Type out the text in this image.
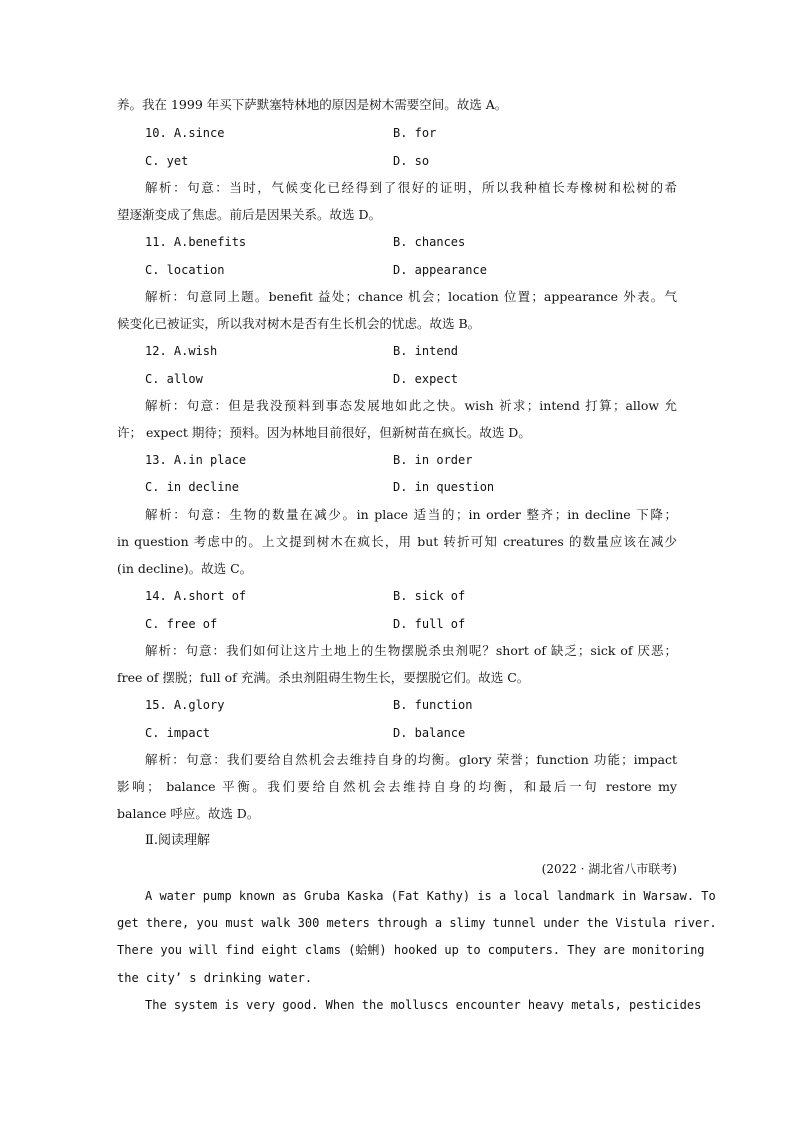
养。我在 1999 年买下萨默塞特林地的原因是树木需要空间。故选 A。
10. A.since	B. for
C. yet	D. so
解析：句意：当时，气候变化已经得到了很好的证明，所以我种植长寿橡树和松树的希
望逐渐变成了焦虑。前后是因果关系。故选 D。
11. A.benefits	B. chances
C. location	D. appearance
解析：句意同上题。benefit 益处；chance 机会；location 位置；appearance 外表。气
候变化已被证实，所以我对树木是否有生长机会的忧虑。故选 B。
12. A.wish	B. intend
C. allow	D. expect
解析：句意：但是我没预料到事态发展地如此之快。wish 祈求；intend 打算；allow 允
许； expect 期待；预料。因为林地目前很好，但新树苗在疯长。故选 D。
13. A.in place	B. in order
C. in decline	D. in question
解析：句意：生物的数量在减少。in place 适当的；in order 整齐；in decline 下降；
in question 考虑中的。上文提到树木在疯长，用 but 转折可知 creatures 的数量应该在减少
(in decline)。故选 C。
14. A.short of	B. sick of
C. free of	D. full of
解析：句意：我们如何让这片土地上的生物摆脱杀虫剂呢？short of 缺乏；sick of 厌恶；
free of 摆脱；full of 充满。杀虫剂阻碍生物生长，要摆脱它们。故选 C。
15. A.glory	B. function
C. impact	D. balance
解析：句意：我们要给自然机会去维持自身的均衡。glory 荣誉；function 功能；impact
影响； balance 平衡。我们要给自然机会去维持自身的均衡，和最后一句 restore my
balance 呼应。故选 D。
Ⅱ.阅读理解
(2022 · 湖北省八市联考)
A water pump known as Gruba Kaska (Fat Kathy) is a local landmark in Warsaw. To
get there, you must walk 300 meters through a slimy tunnel under the Vistula river.
There you will find eight clams (蛤蜊) hooked up to computers. They are monitoring
the city’ s drinking water.
The system is very good. When the molluscs encounter heavy metals, pesticides
